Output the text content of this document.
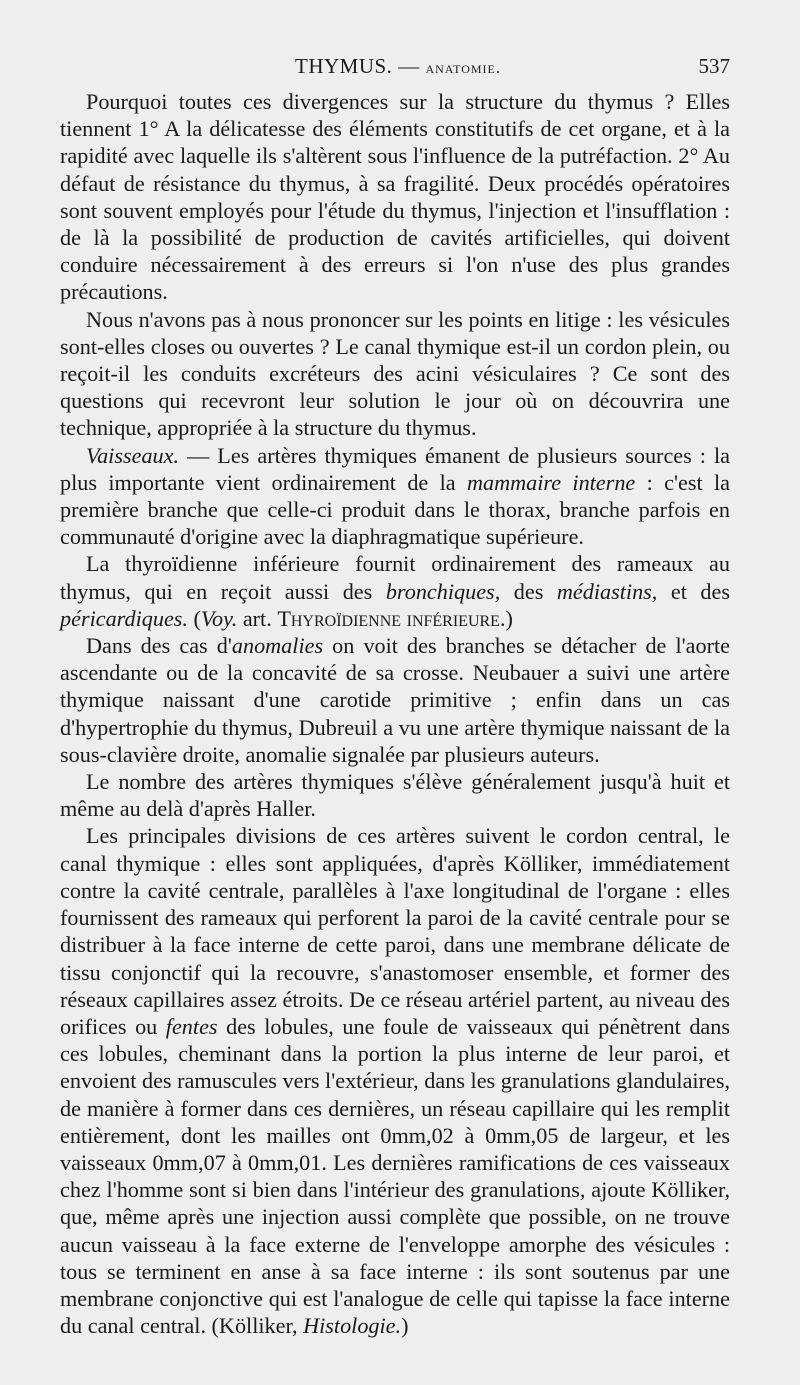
THYMUS. — anatomie.	537

Pourquoi toutes ces divergences sur la structure du thymus ? Elles tiennent 1° A la délicatesse des éléments constitutifs de cet organe, et à la rapidité avec laquelle ils s'altèrent sous l'influence de la putréfaction. 2° Au défaut de résistance du thymus, à sa fragilité. Deux procédés opératoires sont souvent employés pour l'étude du thymus, l'injection et l'insufflation : de là la possibilité de production de cavités artificielles, qui doivent conduire nécessairement à des erreurs si l'on n'use des plus grandes précautions.

Nous n'avons pas à nous prononcer sur les points en litige : les vésicules sont-elles closes ou ouvertes ? Le canal thymique est-il un cordon plein, ou reçoit-il les conduits excréteurs des acini vésiculaires ? Ce sont des questions qui recevront leur solution le jour où on découvrira une technique, appropriée à la structure du thymus.

Vaisseaux. — Les artères thymiques émanent de plusieurs sources : la plus importante vient ordinairement de la mammaire interne : c'est la première branche que celle-ci produit dans le thorax, branche parfois en communauté d'origine avec la diaphragmatique supérieure.

La thyroïdienne inférieure fournit ordinairement des rameaux au thymus, qui en reçoit aussi des bronchiques, des médiastins, et des péricardiques. (Voy. art. Thyroïdienne inférieure.)

Dans des cas d'anomalies on voit des branches se détacher de l'aorte ascendante ou de la concavité de sa crosse. Neubauer a suivi une artère thymique naissant d'une carotide primitive ; enfin dans un cas d'hypertrophie du thymus, Dubreuil a vu une artère thymique naissant de la sous-clavière droite, anomalie signalée par plusieurs auteurs.

Le nombre des artères thymiques s'élève généralement jusqu'à huit et même au delà d'après Haller.

Les principales divisions de ces artères suivent le cordon central, le canal thymique : elles sont appliquées, d'après Kölliker, immédiatement contre la cavité centrale, parallèles à l'axe longitudinal de l'organe : elles fournissent des rameaux qui perforent la paroi de la cavité centrale pour se distribuer à la face interne de cette paroi, dans une membrane délicate de tissu conjonctif qui la recouvre, s'anastomoser ensemble, et former des réseaux capillaires assez étroits. De ce réseau artériel partent, au niveau des orifices ou fentes des lobules, une foule de vaisseaux qui pénètrent dans ces lobules, cheminant dans la portion la plus interne de leur paroi, et envoient des ramuscules vers l'extérieur, dans les granulations glandulaires, de manière à former dans ces dernières, un réseau capillaire qui les remplit entièrement, dont les mailles ont 0mm,02 à 0mm,05 de largeur, et les vaisseaux 0mm,07 à 0mm,01. Les dernières ramifications de ces vaisseaux chez l'homme sont si bien dans l'intérieur des granulations, ajoute Kölliker, que, même après une injection aussi complète que possible, on ne trouve aucun vaisseau à la face externe de l'enveloppe amorphe des vésicules : tous se terminent en anse à sa face interne : ils sont soutenus par une membrane conjonctive qui est l'analogue de celle qui tapisse la face interne du canal central. (Kölliker, Histologie.)
